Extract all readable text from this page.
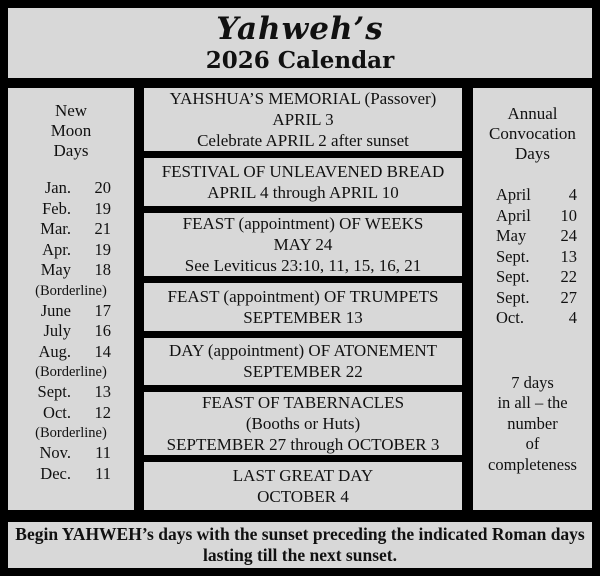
Yahweh’s
2026 Calendar
New
Moon
Days
Jan.	20
Feb.	19
Mar.	21
Apr.	19
May	18
(Borderline)
June	17
July	16
Aug.	14
(Borderline)
Sept.	13
Oct.	12
(Borderline)
Nov.	11
Dec.	11
YAHSHUA’S MEMORIAL (Passover)
APRIL 3
Celebrate APRIL 2 after sunset
FESTIVAL OF UNLEAVENED BREAD
APRIL 4 through APRIL 10
FEAST (appointment) OF WEEKS
MAY 24
See Leviticus 23:10, 11, 15, 16, 21
FEAST (appointment) OF TRUMPETS
SEPTEMBER 13
DAY (appointment) OF ATONEMENT
SEPTEMBER 22
FEAST OF TABERNACLES
(Booths or Huts)
SEPTEMBER 27 through OCTOBER 3
LAST GREAT DAY
OCTOBER 4
Annual
Convocation
Days
April 4
April 10
May 24
Sept. 13
Sept. 22
Sept. 27
Oct.	4
7 days
in all – the
number
of
completeness
Begin YAHWEH’s days with the sunset preceding the indicated Roman days
lasting till the next sunset.
